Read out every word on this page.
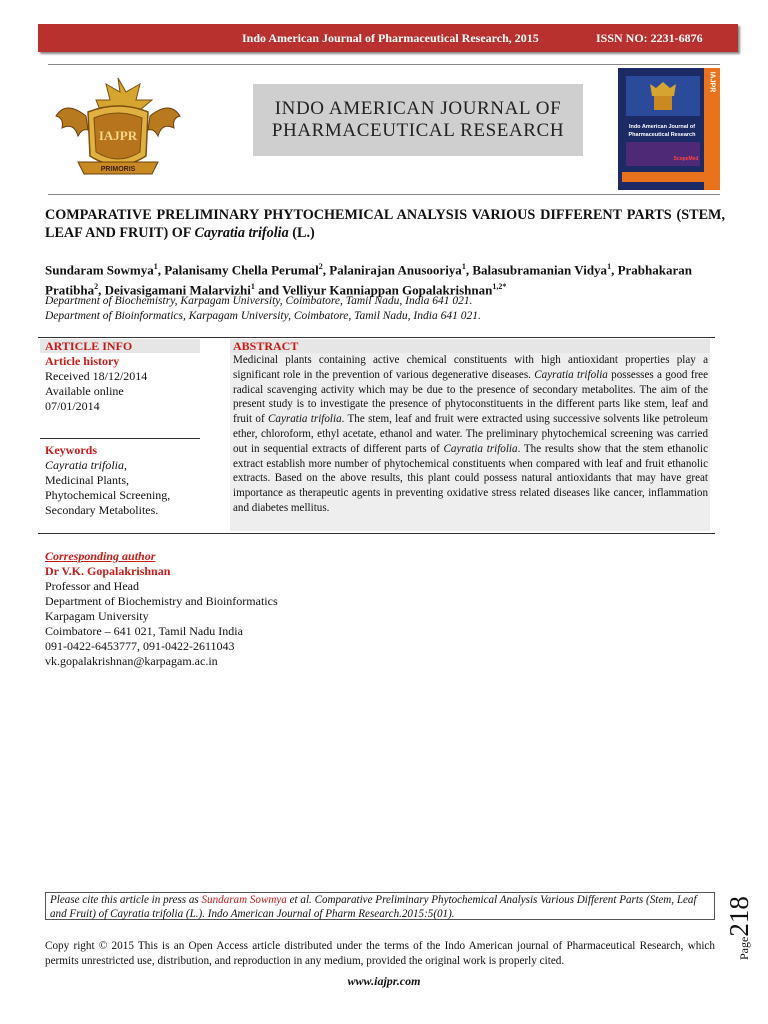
Indo American Journal of Pharmaceutical Research, 2015	ISSN NO: 2231-6876
IAJPR
PRIMORIS
INDO AMERICAN JOURNAL OF
PHARMACEUTICAL RESEARCH
IAJPR
Indo American Journal of
Pharmaceutical Research
ScopeMed
COMPARATIVE PRELIMINARY PHYTOCHEMICAL ANALYSIS VARIOUS DIFFERENT PARTS (STEM, LEAF AND FRUIT) OF Cayratia trifolia (L.)
Sundaram Sowmya$^1$, Palanisamy Chella Perumal$^2$, Palanirajan Anusooriya$^1$, Balasubramanian Vidya$^1$, Prabhakaran Pratibha$^2$, Deivasigamani Malarvizhi$^1$ and Velliyur Kanniappan Gopalakrishnan$^{1,2*}$
Department of Biochemistry, Karpagam University, Coimbatore, Tamil Nadu, India 641 021.
Department of Bioinformatics, Karpagam University, Coimbatore, Tamil Nadu, India 641 021.
ARTICLE INFO	ABSTRACT
Article history
Received 18/12/2014
Available online
07/01/2014
Keywords
Cayratia trifolia,
Medicinal Plants,
Phytochemical Screening,
Secondary Metabolites.
Medicinal plants containing active chemical constituents with high antioxidant properties play a significant role in the prevention of various degenerative diseases. Cayratia trifolia possesses a good free radical scavenging activity which may be due to the presence of secondary metabolites. The aim of the present study is to investigate the presence of phytoconstituents in the different parts like stem, leaf and fruit of Cayratia trifolia. The stem, leaf and fruit were extracted using successive solvents like petroleum ether, chloroform, ethyl acetate, ethanol and water. The preliminary phytochemical screening was carried out in sequential extracts of different parts of Cayratia trifolia. The results show that the stem ethanolic extract establish more number of phytochemical constituents when compared with leaf and fruit ethanolic extracts. Based on the above results, this plant could possess natural antioxidants that may have great importance as therapeutic agents in preventing oxidative stress related diseases like cancer, inflammation and diabetes mellitus.
Corresponding author
Dr V.K. Gopalakrishnan
Professor and Head
Department of Biochemistry and Bioinformatics
Karpagam University
Coimbatore – 641 021, Tamil Nadu India
091-0422-6453777, 091-0422-2611043
vk.gopalakrishnan@karpagam.ac.in
Please cite this article in press as Sundaram Sowmya et al. Comparative Preliminary Phytochemical Analysis Various Different Parts (Stem, Leaf and Fruit) of Cayratia trifolia (L.). Indo American Journal of Pharm Research.2015:5(01).
Copy right © 2015 This is an Open Access article distributed under the terms of the Indo American journal of Pharmaceutical Research, which permits unrestricted use, distribution, and reproduction in any medium, provided the original work is properly cited.
www.iajpr.com
Page218
